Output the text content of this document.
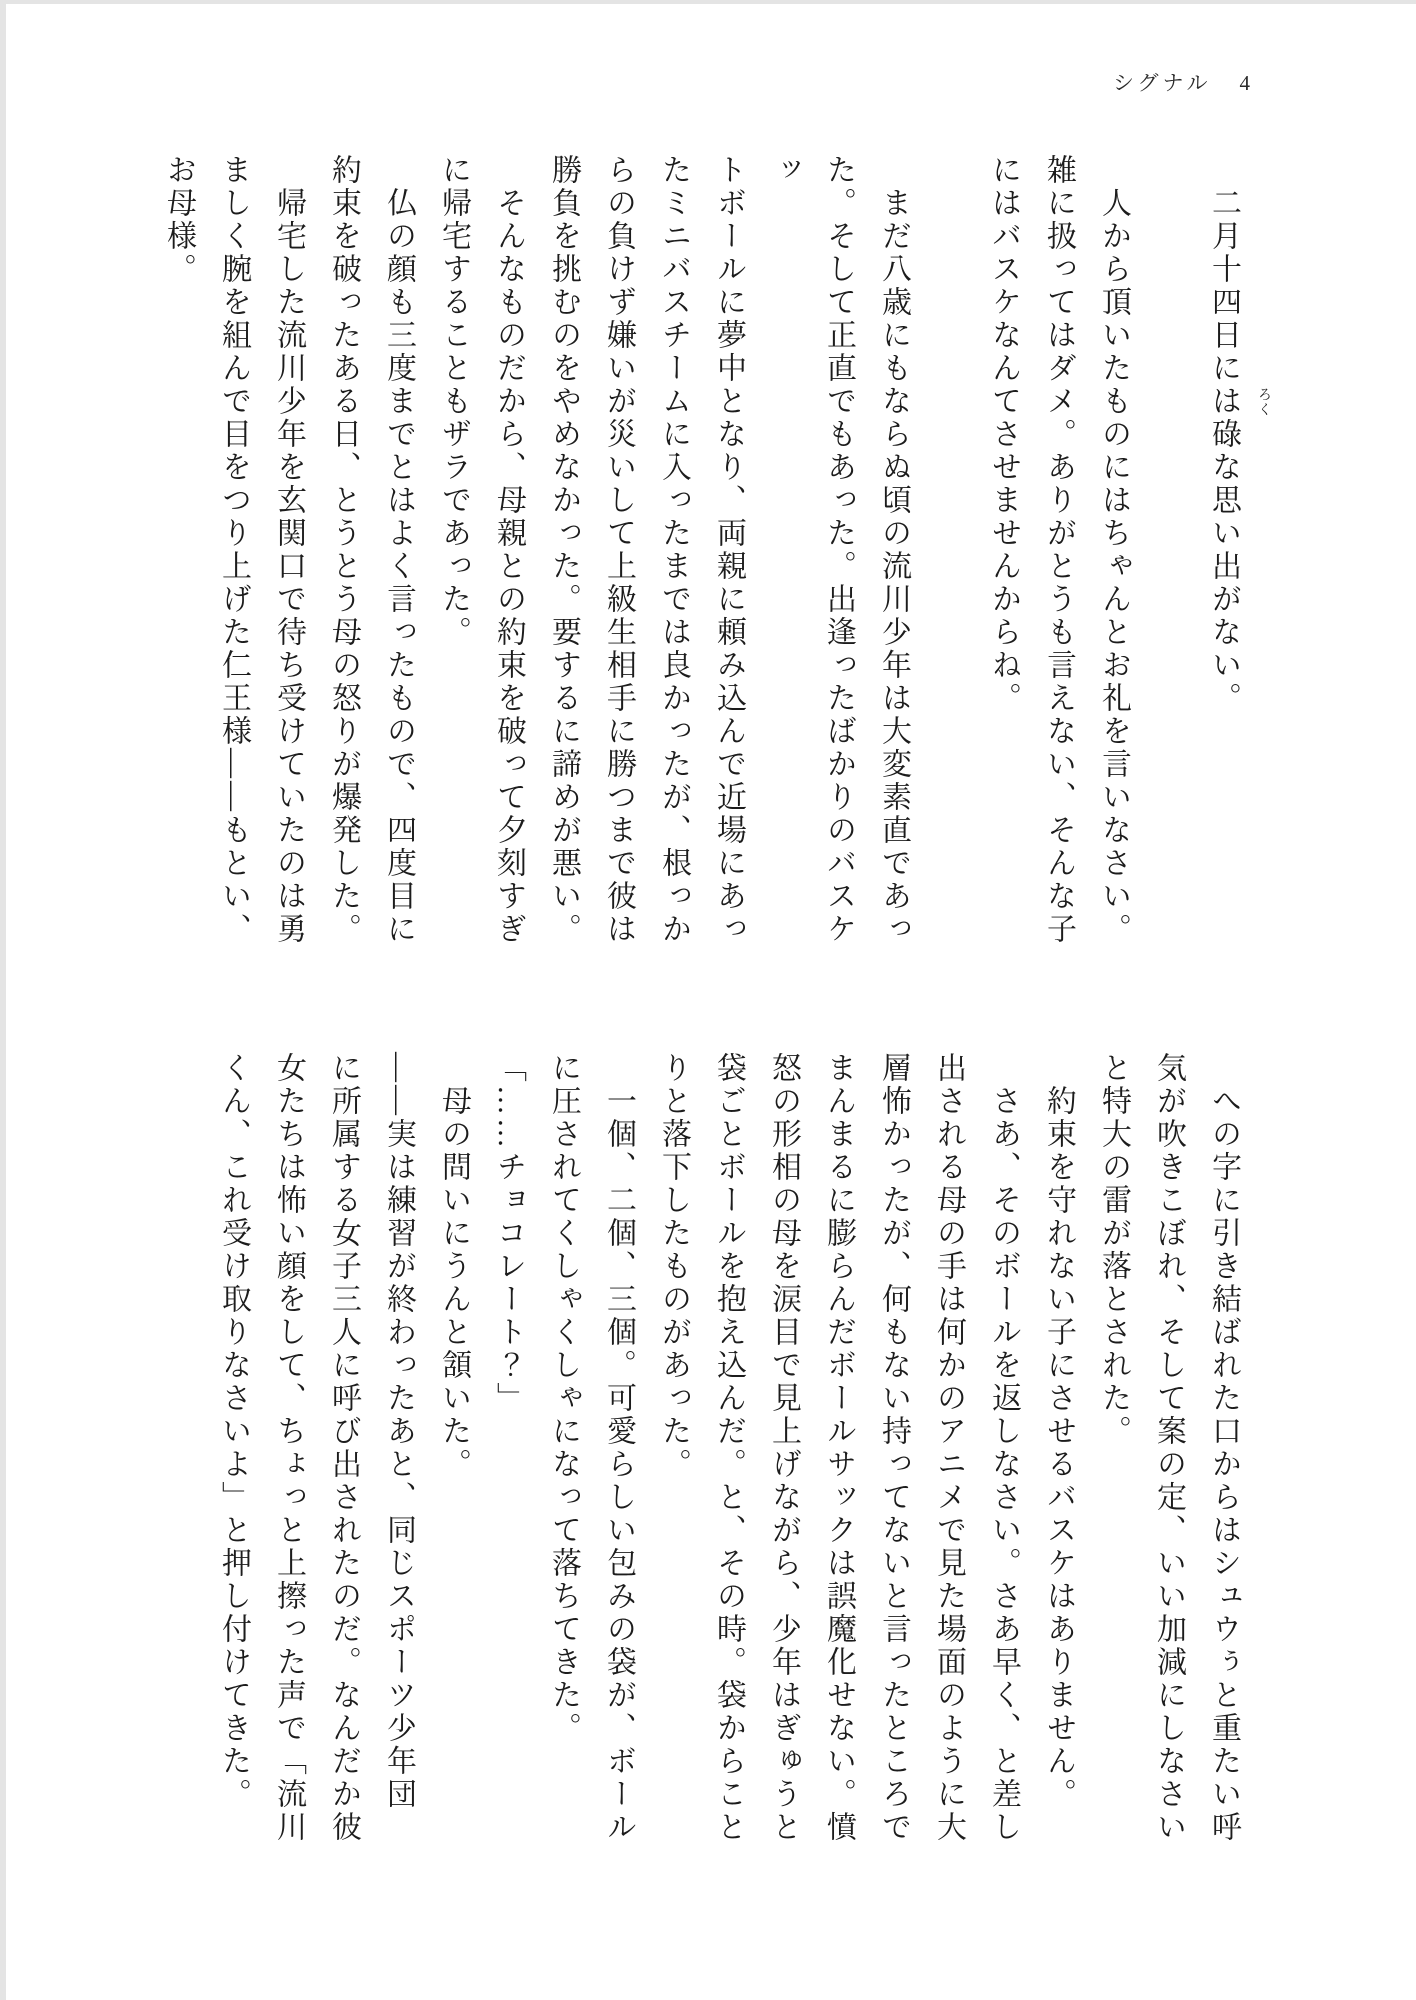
シグナル 4

　二月十四日には碌な思い出がない。

　人から頂いたものにはちゃんとお礼を言いなさい。

雑に扱ってはダメ。ありがとうも言えない、そんな子

にはバスケなんてさせませんからね。

　まだ八歳にもならぬ頃の流川少年は大変素直であっ

た。そして正直でもあった。出逢ったばかりのバスケッ

トボールに夢中となり、両親に頼み込んで近場にあっ

たミニバスチームに入ったまでは良かったが、根っか

らの負けず嫌いが災いして上級生相手に勝つまで彼は

勝負を挑むのをやめなかった。要するに諦めが悪い。

　そんなものだから、母親との約束を破って夕刻すぎ

に帰宅することもザラであった。

　仏の顔も三度までとはよく言ったもので、四度目に

約束を破ったある日、とうとう母の怒りが爆発した。

　帰宅した流川少年を玄関口で待ち受けていたのは勇

ましく腕を組んで目をつり上げた仁王様――もとい、

お母様。

ろく

　への字に引き結ばれた口からはシュウぅと重たい呼

気が吹きこぼれ、そして案の定、いい加減にしなさい

と特大の雷が落とされた。

　約束を守れない子にさせるバスケはありません。

　さあ、そのボールを返しなさい。さあ早く、と差し

出される母の手は何かのアニメで見た場面のように大

層怖かったが、何もない持ってないと言ったところで

まんまるに膨らんだボールサックは誤魔化せない。憤

怒の形相の母を涙目で見上げながら、少年はぎゅうと

袋ごとボールを抱え込んだ。と、その時。袋からこと

りと落下したものがあった。

　一個、二個、三個。可愛らしい包みの袋が、ボール

に圧されてくしゃくしゃになって落ちてきた。

「……チョコレート？」

　母の問いにうんと頷いた。

――実は練習が終わったあと、同じスポーツ少年団

に所属する女子三人に呼び出されたのだ。なんだか彼

女たちは怖い顔をして、ちょっと上擦った声で「流川

くん、これ受け取りなさいよ」と押し付けてきた。
